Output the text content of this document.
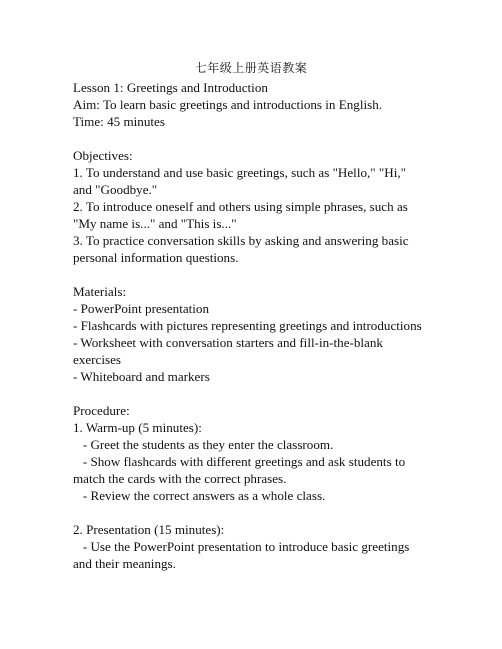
七年级上册英语教案
Lesson 1: Greetings and Introduction
Aim: To learn basic greetings and introductions in English.
Time: 45 minutes
Objectives:
1. To understand and use basic greetings, such as "Hello," "Hi,"
and "Goodbye."
2. To introduce oneself and others using simple phrases, such as
"My name is..." and "This is..."
3. To practice conversation skills by asking and answering basic
personal information questions.
Materials:
- PowerPoint presentation
- Flashcards with pictures representing greetings and introductions
- Worksheet with conversation starters and fill-in-the-blank
exercises
- Whiteboard and markers
Procedure:
1. Warm-up (5 minutes):
- Greet the students as they enter the classroom.
- Show flashcards with different greetings and ask students to
match the cards with the correct phrases.
- Review the correct answers as a whole class.
2. Presentation (15 minutes):
- Use the PowerPoint presentation to introduce basic greetings
and their meanings.
